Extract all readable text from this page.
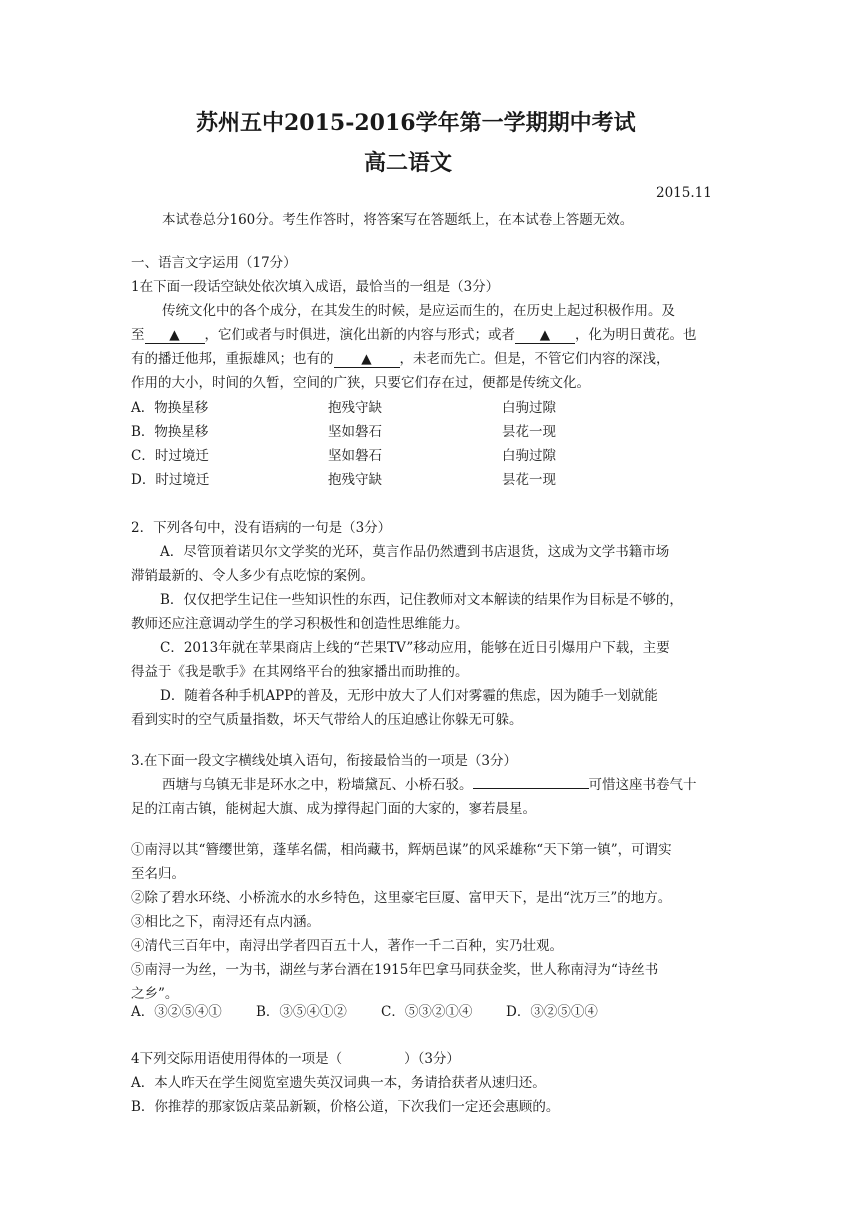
苏州五中2015-2016学年第一学期期中考试
高二语文
2015.11
本试卷总分160分。考生作答时，将答案写在答题纸上，在本试卷上答题无效。
一、语言文字运用（17分）
1在下面一段话空缺处依次填入成语，最恰当的一组是（3分）
传统文化中的各个成分，在其发生的时候，是应运而生的，在历史上起过积极作用。及
至 ▲ ，它们或者与时俱进，演化出新的内容与形式；或者 ▲ ，化为明日黄花。也
有的播迁他邦，重振雄风；也有的 ▲ ，未老而先亡。但是，不管它们内容的深浅，
作用的大小，时间的久暂，空间的广狭，只要它们存在过，便都是传统文化。
A．物换星移	抱残守缺	白驹过隙
B．物换星移	坚如磐石	昙花一现
C．时过境迁	坚如磐石	白驹过隙
D．时过境迁	抱残守缺	昙花一现
2．下列各句中，没有语病的一句是（3分）
A．尽管顶着诺贝尔文学奖的光环，莫言作品仍然遭到书店退货，这成为文学书籍市场
滞销最新的、令人多少有点吃惊的案例。
B．仅仅把学生记住一些知识性的东西，记住教师对文本解读的结果作为目标是不够的，
教师还应注意调动学生的学习积极性和创造性思维能力。
C．2013年就在苹果商店上线的“芒果TV”移动应用，能够在近日引爆用户下载，主要
得益于《我是歌手》在其网络平台的独家播出而助推的。
D．随着各种手机APP的普及，无形中放大了人们对雾霾的焦虑，因为随手一划就能
看到实时的空气质量指数，坏天气带给人的压迫感让你躲无可躲。
3.在下面一段文字横线处填入语句，衔接最恰当的一项是（3分）
西塘与乌镇无非是环水之中，粉墙黛瓦、小桥石驳。	可惜这座书卷气十
足的江南古镇，能树起大旗、成为撑得起门面的大家的，寥若晨星。
①南浔以其“簪缨世第，蓬荜名儒，相尚藏书，辉炳邑谋”的风采雄称“天下第一镇”，可谓实
至名归。
②除了碧水环绕、小桥流水的水乡特色，这里豪宅巨厦、富甲天下，是出“沈万三”的地方。
③相比之下，南浔还有点内涵。
④清代三百年中，南浔出学者四百五十人，著作一千二百种，实乃壮观。
⑤南浔一为丝，一为书，湖丝与茅台酒在1915年巴拿马同获金奖，世人称南浔为“诗丝书
之乡”。
A．③②⑤④①	B．③⑤④①②	C．⑤③②①④ D．③②⑤①④
4下列交际用语使用得体的一项是（	）（3分）
A．本人昨天在学生阅览室遗失英汉词典一本，务请拾获者从速归还。
B．你推荐的那家饭店菜品新颖，价格公道，下次我们一定还会惠顾的。
